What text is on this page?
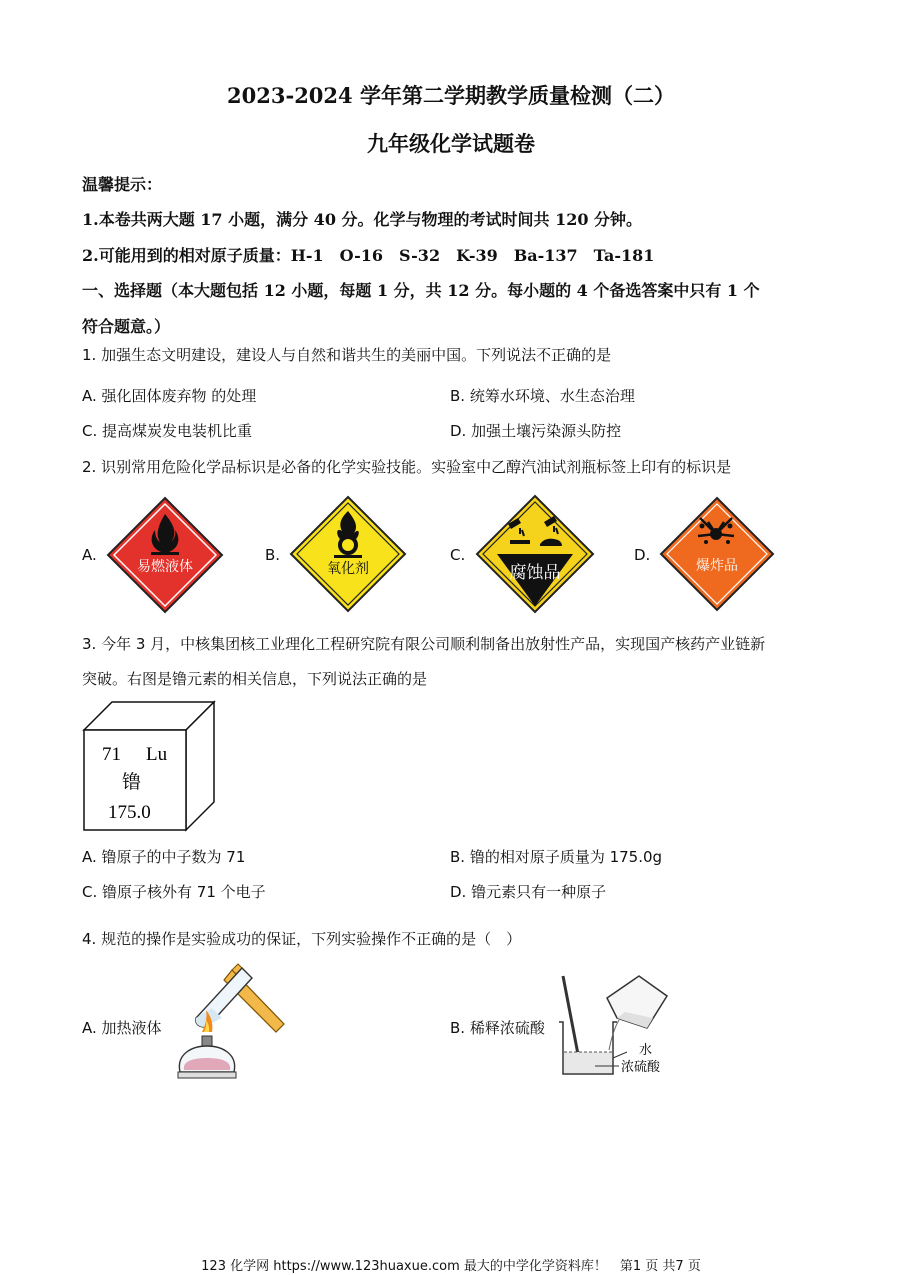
2023-2024 学年第二学期教学质量检测（二）
九年级化学试题卷
温馨提示：
1.本卷共两大题 17 小题，满分 40 分。化学与物理的考试时间共 120 分钟。
2.可能用到的相对原子质量：H-1　O-16　S-32　K-39　Ba-137　Ta-181
一、选择题（本大题包括 12 小题，每题 1 分，共 12 分。每小题的 4 个备选答案中只有 1 个
符合题意。）
1. 加强生态文明建设，建设人与自然和谐共生的美丽中国。下列说法不正确的是
A. 强化固体废弃物 的处理	B. 统筹水环境、水生态治理
C. 提高煤炭发电装机比重	D. 加强土壤污染源头防控
2. 识别常用危险化学品标识是必备的化学实验技能。实验室中乙醇汽油试剂瓶标签上印有的标识是
A.
易燃液体
B.
氧化剂
C.
腐蚀品
D.
爆炸品
3. 今年 3 月，中核集团核工业理化工程研究院有限公司顺利制备出放射性产品，实现国产核药产业链新
突破。右图是镥元素的相关信息，下列说法正确的是
71 Lu
镥
175.0
A. 镥原子的中子数为 71	B. 镥的相对原子质量为 175.0g
C. 镥原子核外有 71 个电子	D. 镥元素只有一种原子
4. 规范的操作是实验成功的保证，下列实验操作不正确的是（　）
A. 加热液体	B. 稀释浓硫酸
水
浓硫酸
123 化学网 https://www.123huaxue.com 最大的中学化学资料库！　第1 页 共7 页
